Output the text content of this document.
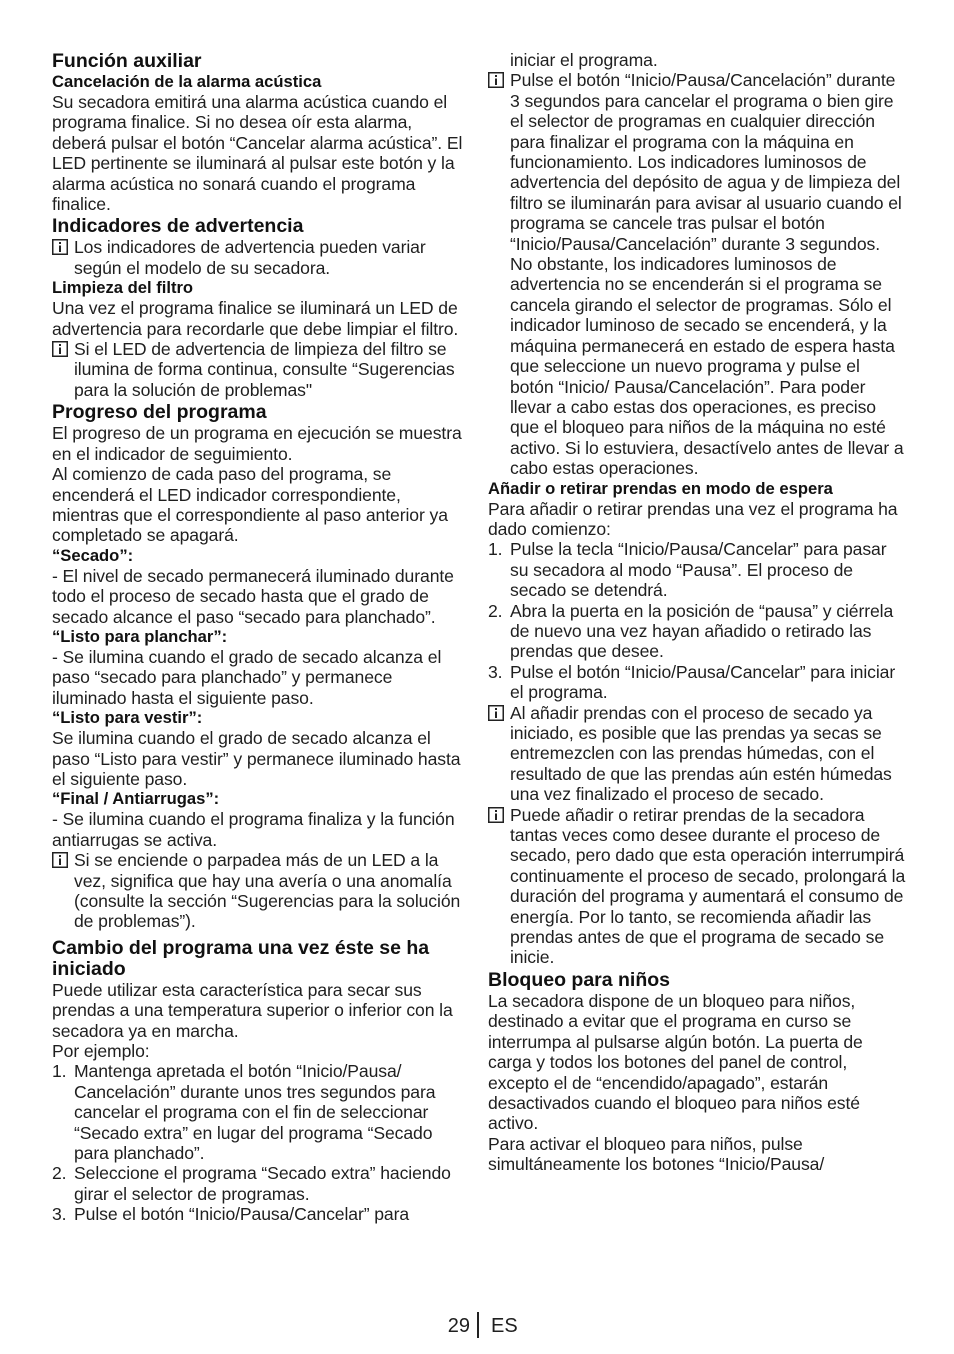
Función auxiliar
Cancelación de la alarma acústica

Su secadora emitirá una alarma acústica cuando el programa finalice. Si no desea oír esta alarma, deberá pulsar el botón “Cancelar alarma acústica”. El LED pertinente se iluminará al pulsar este botón y la alarma acústica no sonará cuando el programa finalice.

Indicadores de advertencia
Los indicadores de advertencia pueden variar según el modelo de su secadora.
Limpieza del filtro

Una vez el programa finalice se iluminará un LED de advertencia para recordarle que debe limpiar el filtro.

Si el LED de advertencia de limpieza del filtro se ilumina de forma continua, consulte “Sugerencias para la solución de problemas"
Progreso del programa

El progreso de un programa en ejecución se muestra en el indicador de seguimiento.

Al comienzo de cada paso del programa, se encenderá el LED indicador correspondiente, mientras que el correspondiente al paso anterior ya completado se apagará.

“Secado”:

- El nivel de secado permanecerá iluminado durante todo el proceso de secado hasta que el grado de secado alcance el paso “secado para planchado”.

“Listo para planchar”:

- Se ilumina cuando el grado de secado alcanza el paso “secado para planchado” y permanece iluminado hasta el siguiente paso.

“Listo para vestir”:

Se ilumina cuando el grado de secado alcanza el paso “Listo para vestir” y permanece iluminado hasta el siguiente paso.

“Final / Antiarrugas”:

- Se ilumina cuando el programa finaliza y la función antiarrugas se activa.

Si se enciende o parpadea más de un LED a la vez, significa que hay una avería o una anomalía (consulte la sección “Sugerencias para la solución de problemas”).
Cambio del programa una vez éste se ha iniciado

Puede utilizar esta característica para secar sus prendas a una temperatura superior o inferior con la secadora ya en marcha.

Por ejemplo:

1. Mantenga apretada el botón “Inicio/Pausa/ Cancelación” durante unos tres segundos para cancelar el programa con el fin de seleccionar “Secado extra” en lugar del programa “Secado para planchado”.
2. Seleccione el programa “Secado extra” haciendo girar el selector de programas.
3. Pulse el botón “Inicio/Pausa/Cancelar” para

iniciar el programa.

Pulse el botón “Inicio/Pausa/Cancelación” durante 3 segundos para cancelar el programa o bien gire el selector de programas en cualquier dirección para finalizar el programa con la máquina en funcionamiento. Los indicadores luminosos de advertencia del depósito de agua y de limpieza del filtro se iluminarán para avisar al usuario cuando el programa se cancele tras pulsar el botón “Inicio/Pausa/Cancelación” durante 3 segundos. No obstante, los indicadores luminosos de advertencia no se encenderán si el programa se cancela girando el selector de programas. Sólo el indicador luminoso de secado se encenderá, y la máquina permanecerá en estado de espera hasta que seleccione un nuevo programa y pulse el botón “Inicio/ Pausa/Cancelación”. Para poder llevar a cabo estas dos operaciones, es preciso que el bloqueo para niños de la máquina no esté activo. Si lo estuviera, desactívelo antes de llevar a cabo estas operaciones.
Añadir o retirar prendas en modo de espera

Para añadir o retirar prendas una vez el programa ha dado comienzo:

1. Pulse la tecla “Inicio/Pausa/Cancelar” para pasar su secadora al modo “Pausa”. El proceso de secado se detendrá.
2. Abra la puerta en la posición de “pausa” y ciérrela de nuevo una vez hayan añadido o retirado las prendas que desee.
3. Pulse el botón “Inicio/Pausa/Cancelar” para iniciar el programa.
Al añadir prendas con el proceso de secado ya iniciado, es posible que las prendas ya secas se entremezclen con las prendas húmedas, con el resultado de que las prendas aún estén húmedas una vez finalizado el proceso de secado.
Puede añadir o retirar prendas de la secadora tantas veces como desee durante el proceso de secado, pero dado que esta operación interrumpirá continuamente el proceso de secado, prolongará la duración del programa y aumentará el consumo de energía. Por lo tanto, se recomienda añadir las prendas antes de que el programa de secado se inicie.
Bloqueo para niños

La secadora dispone de un bloqueo para niños, destinado a evitar que el programa en curso se interrumpa al pulsarse algún botón. La puerta de carga y todos los botones del panel de control, excepto el de “encendido/apagado”, estarán desactivados cuando el bloqueo para niños esté activo.

Para activar el bloqueo para niños, pulse simultáneamente los botones “Inicio/Pausa/

29 ES
